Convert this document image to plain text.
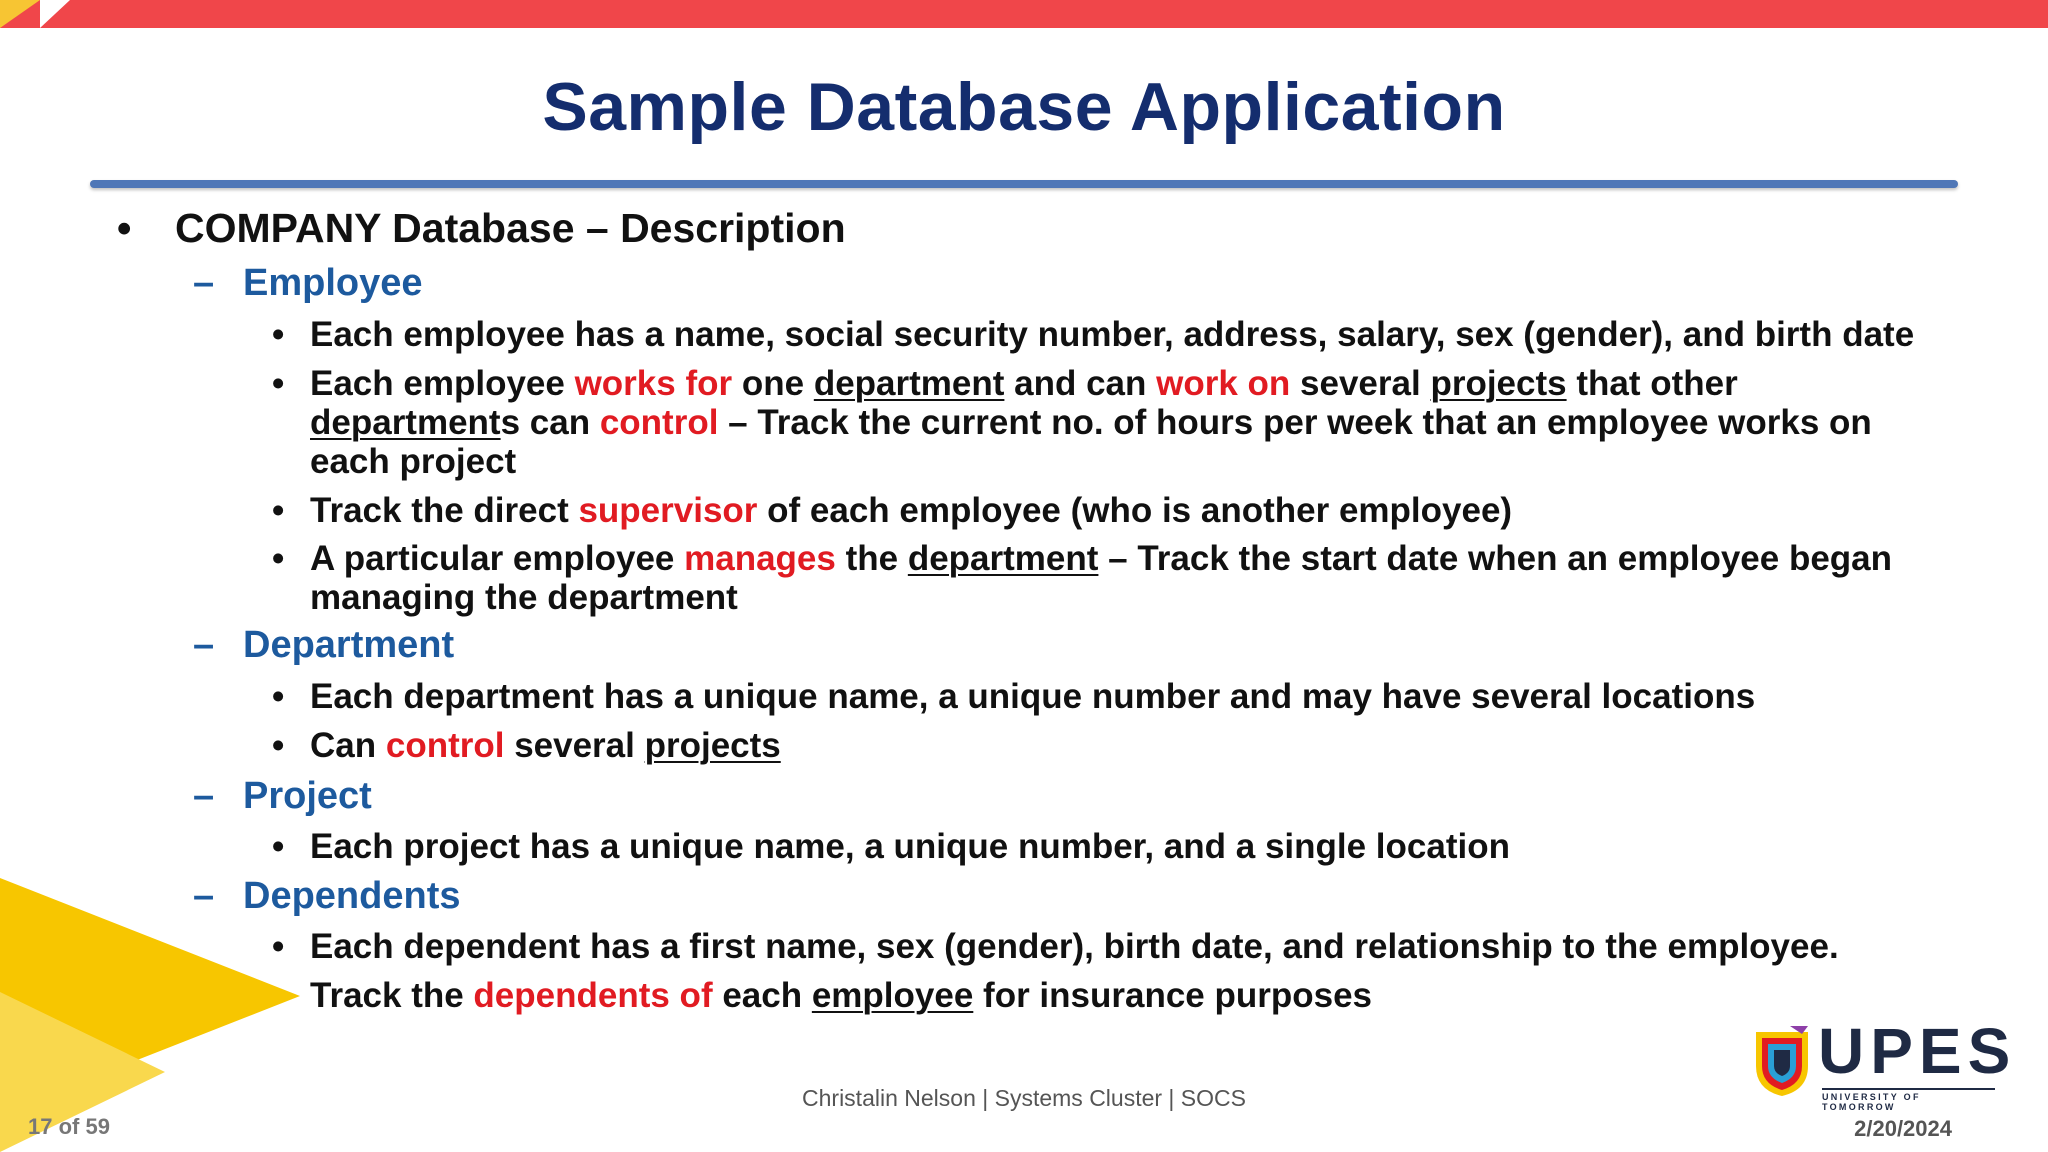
Sample Database Application
• COMPANY Database – Description
– Employee
• Each employee has a name, social security number, address, salary, sex (gender), and birth date
• Each employee works for one department and can work on several projects that other departments can control – Track the current no. of hours per week that an employee works on each project
• Track the direct supervisor of each employee (who is another employee)
• A particular employee manages the department – Track the start date when an employee began managing the department
– Department
• Each department has a unique name, a unique number and may have several locations
• Can control several projects
– Project
• Each project has a unique name, a unique number, and a single location
– Dependents
• Each dependent has a first name, sex (gender), birth date, and relationship to the employee.
• Track the dependents of each employee for insurance purposes
Christalin Nelson | Systems Cluster | SOCS
17 of 59	2/20/2024
UPES
UNIVERSITY OF TOMORROW
